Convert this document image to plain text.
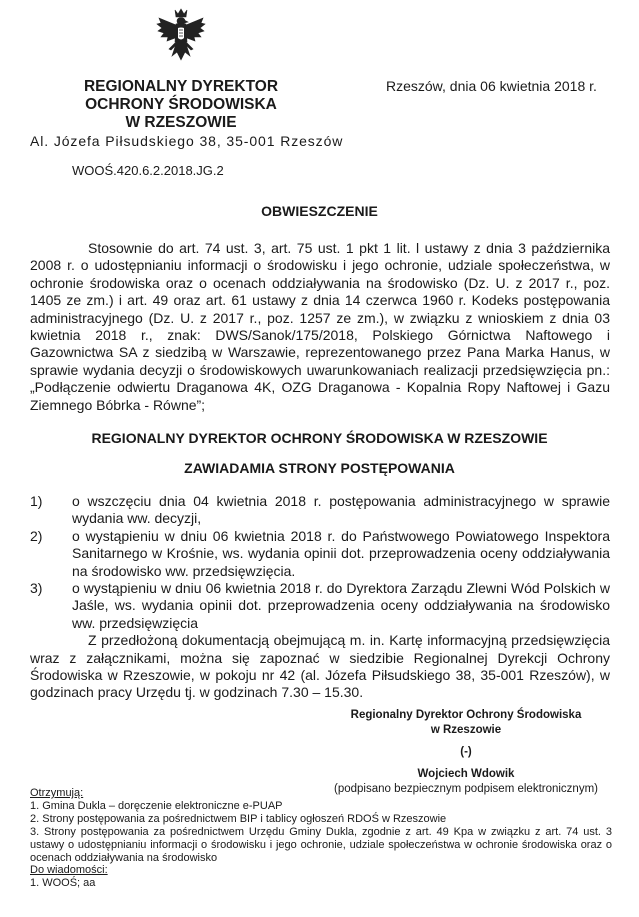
REGIONALNY DYREKTOR
OCHRONY ŚRODOWISKA
W RZESZOWIE
Rzeszów, dnia 06 kwietnia 2018 r.
Al. Józefa Piłsudskiego 38, 35-001 Rzeszów
WOOŚ.420.6.2.2018.JG.2
OBWIESZCZENIE
Stosownie do art. 74 ust. 3, art. 75 ust. 1 pkt 1 lit. l ustawy z dnia 3 października 2008 r. o udostępnianiu informacji o środowisku i jego ochronie, udziale społeczeństwa, w ochronie środowiska oraz o ocenach oddziaływania na środowisko (Dz. U. z 2017 r., poz. 1405 ze zm.) i art. 49 oraz art. 61 ustawy z dnia 14 czerwca 1960 r. Kodeks postępowania administracyjnego (Dz. U. z 2017 r., poz. 1257 ze zm.), w związku z wnioskiem z dnia 03 kwietnia 2018 r., znak: DWS/Sanok/175/2018, Polskiego Górnictwa Naftowego i Gazownictwa SA z siedzibą w Warszawie, reprezentowanego przez Pana Marka Hanus, w sprawie wydania decyzji o środowiskowych uwarunkowaniach realizacji przedsięwzięcia pn.: „Podłączenie odwiertu Draganowa 4K, OZG Draganowa - Kopalnia Ropy Naftowej i Gazu Ziemnego Bóbrka - Równe”;
REGIONALNY DYREKTOR OCHRONY ŚRODOWISKA W RZESZOWIE
ZAWIADAMIA STRONY POSTĘPOWANIA
1) o wszczęciu dnia 04 kwietnia 2018 r. postępowania administracyjnego w sprawie wydania ww. decyzji,
2) o wystąpieniu w dniu 06 kwietnia 2018 r. do Państwowego Powiatowego Inspektora Sanitarnego w Krośnie, ws. wydania opinii dot. przeprowadzenia oceny oddziaływania na środowisko ww. przedsięwzięcia.
3) o wystąpieniu w dniu 06 kwietnia 2018 r. do Dyrektora Zarządu Zlewni Wód Polskich w Jaśle, ws. wydania opinii dot. przeprowadzenia oceny oddziaływania na środowisko ww. przedsięwzięcia
Z przedłożoną dokumentacją obejmującą m. in. Kartę informacyjną przedsięwzięcia wraz z załącznikami, można się zapoznać w siedzibie Regionalnej Dyrekcji Ochrony Środowiska w Rzeszowie, w pokoju nr 42 (al. Józefa Piłsudskiego 38, 35-001 Rzeszów), w godzinach pracy Urzędu tj. w godzinach 7.30 – 15.30.
Regionalny Dyrektor Ochrony Środowiska
w Rzeszowie
(-)
Wojciech Wdowik
(podpisano bezpiecznym podpisem elektronicznym)
Otrzymują:
1. Gmina Dukla – doręczenie elektroniczne e-PUAP
2. Strony postępowania za pośrednictwem BIP i tablicy ogłoszeń RDOŚ w Rzeszowie
3. Strony postępowania za pośrednictwem Urzędu Gminy Dukla, zgodnie z art. 49 Kpa w związku z art. 74 ust. 3 ustawy o udostępnianiu informacji o środowisku i jego ochronie, udziale społeczeństwa w ochronie środowiska oraz o ocenach oddziaływania na środowisko
Do wiadomości:
1. WOOŚ; aa
